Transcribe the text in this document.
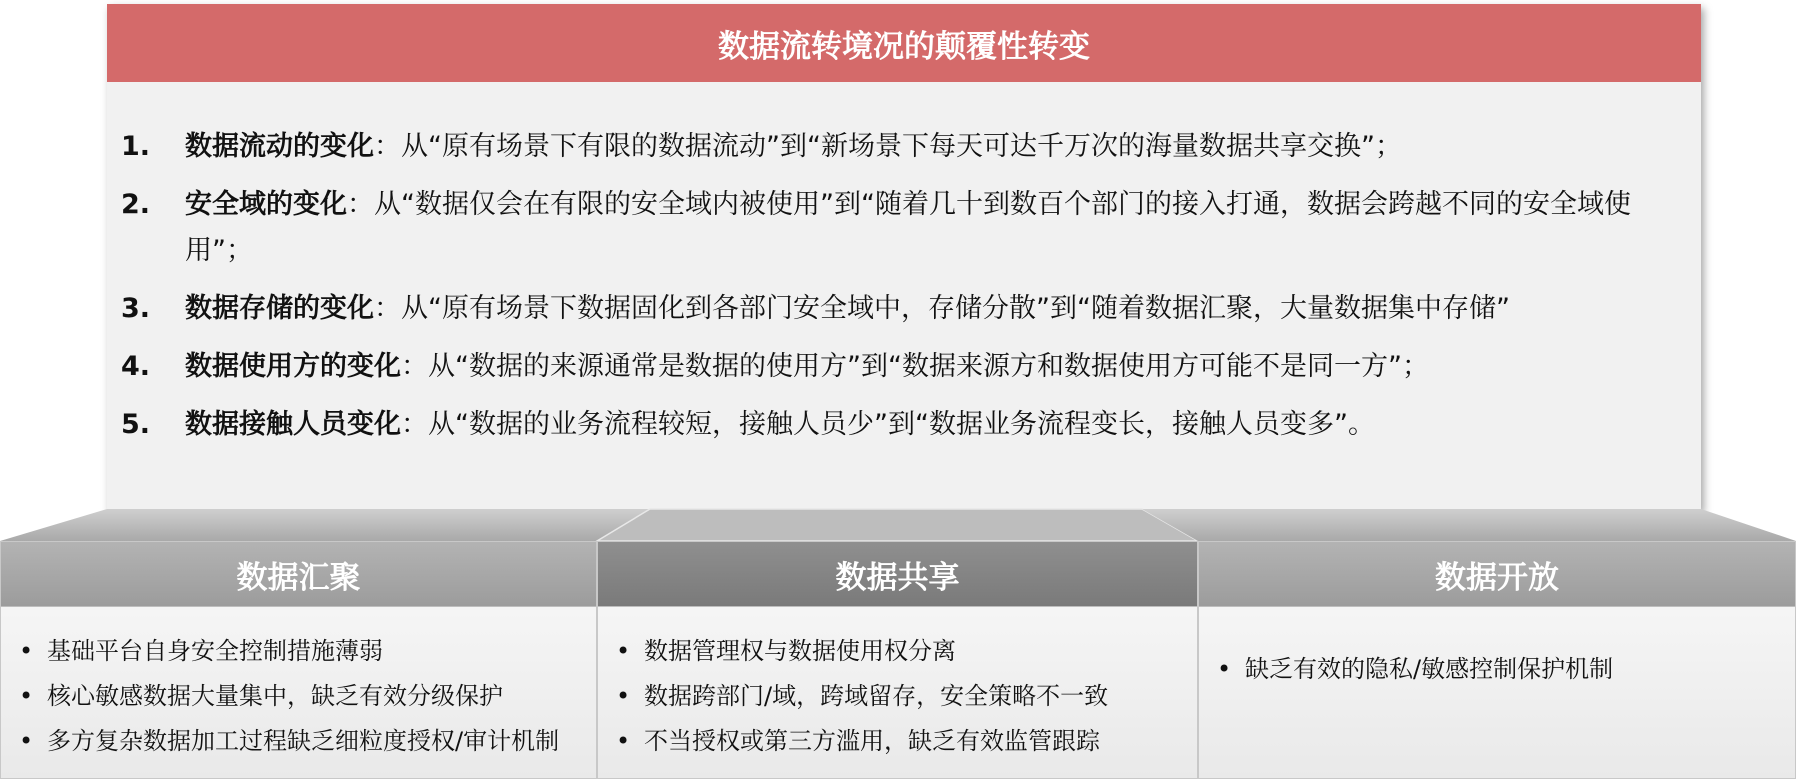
数据流转境况的颠覆性转变
1. 数据流动的变化：从“原有场景下有限的数据流动”到“新场景下每天可达千万次的海量数据共享交换”；
2. 安全域的变化：从“数据仅会在有限的安全域内被使用”到“随着几十到数百个部门的接入打通，数据会跨越不同的安全域使用”；
3. 数据存储的变化：从“原有场景下数据固化到各部门安全域中，存储分散”到“随着数据汇聚，大量数据集中存储”
4. 数据使用方的变化：从“数据的来源通常是数据的使用方”到“数据来源方和数据使用方可能不是同一方”；
5. 数据接触人员变化：从“数据的业务流程较短，接触人员少”到“数据业务流程变长，接触人员变多”。
数据汇聚
• 基础平台自身安全控制措施薄弱
• 核心敏感数据大量集中，缺乏有效分级保护
• 多方复杂数据加工过程缺乏细粒度授权/审计机制
数据共享
• 数据管理权与数据使用权分离
• 数据跨部门/域，跨域留存，安全策略不一致
• 不当授权或第三方滥用，缺乏有效监管跟踪
数据开放
• 缺乏有效的隐私/敏感控制保护机制
